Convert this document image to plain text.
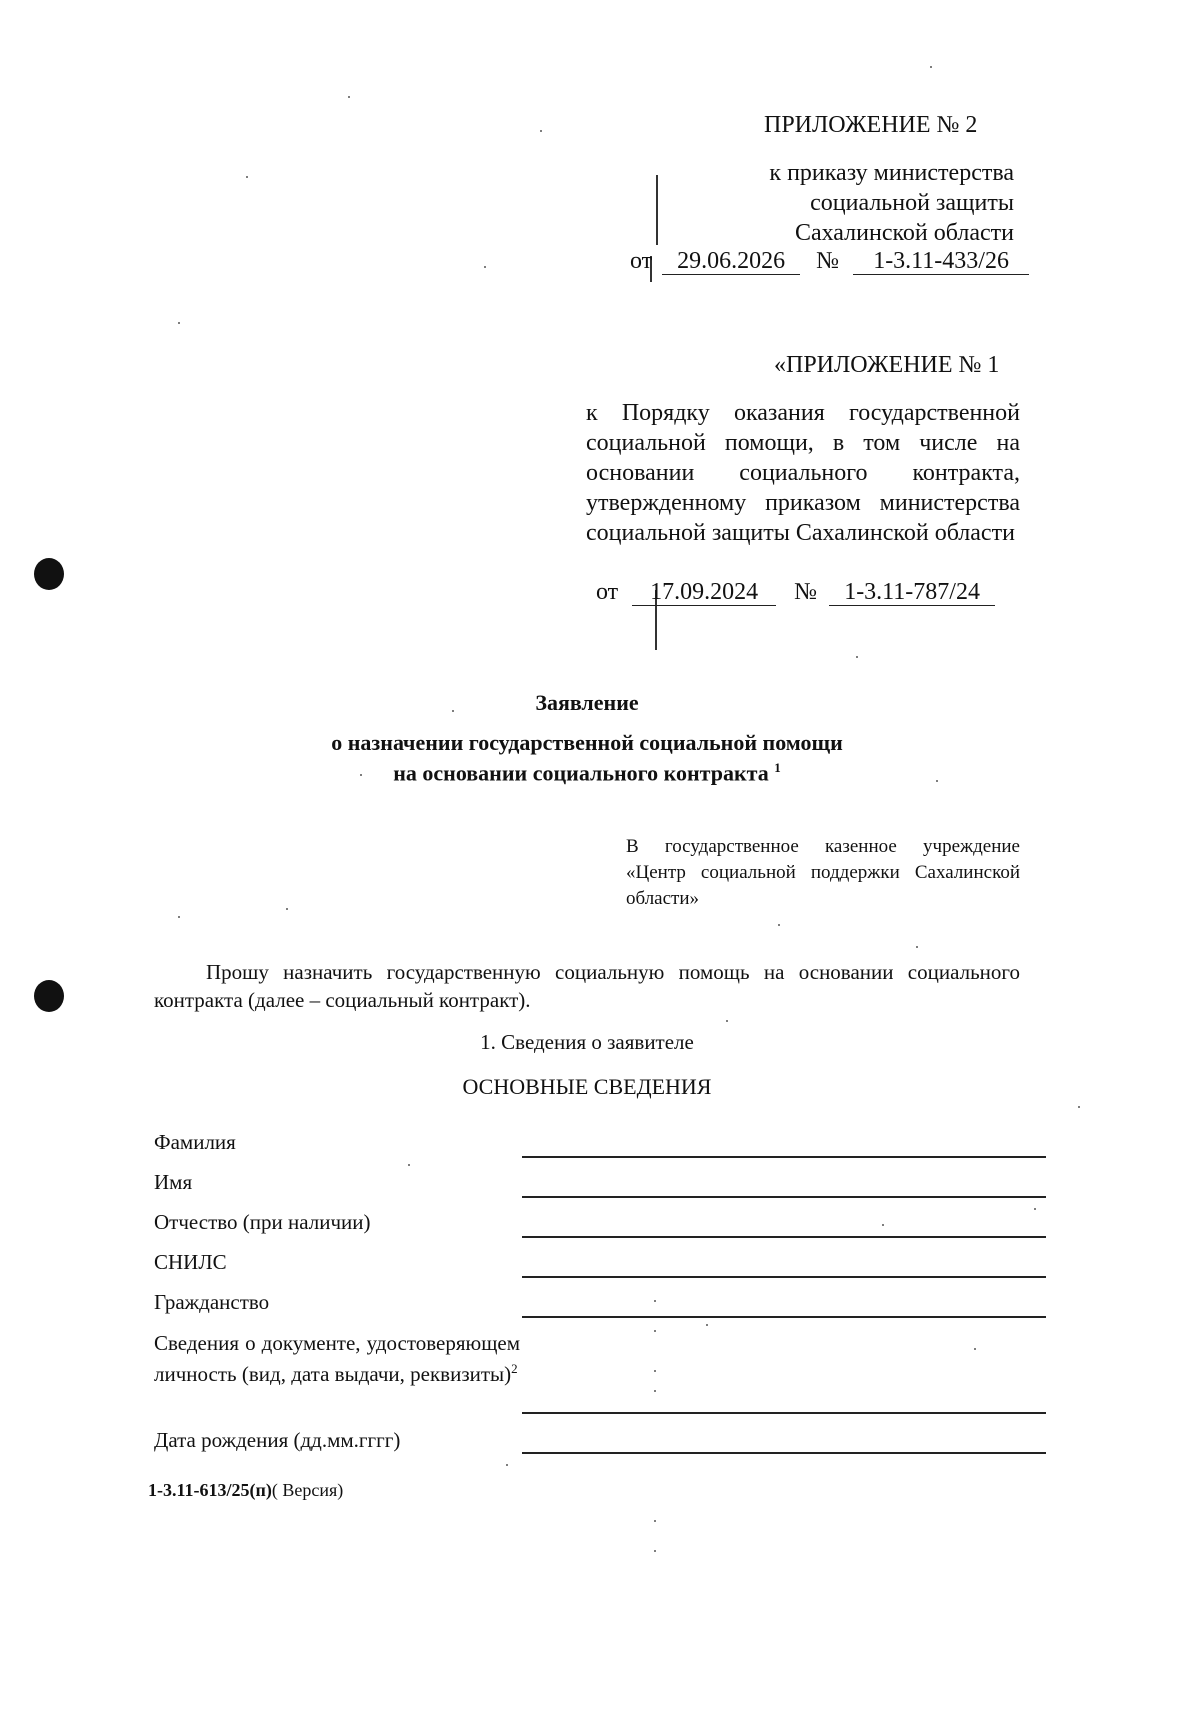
ПРИЛОЖЕНИЕ № 2
к приказу министерства
социальной защиты
Сахалинской области
от 29.06.2026 № 1-3.11-433/26
«ПРИЛОЖЕНИЕ № 1
к Порядку оказания государственной социальной помощи, в том числе на основании социального контракта, утвержденному приказом министерства социальной защиты Сахалинской области
от 17.09.2024 № 1-3.11-787/24
Заявление
о назначении государственной социальной помощи
на основании социального контракта $^1$
В государственное казенное учреждение «Центр социальной поддержки Сахалинской области»
Прошу назначить государственную социальную помощь на основании социального контракта (далее – социальный контракт).
1. Сведения о заявителе
ОСНОВНЫЕ СВЕДЕНИЯ
Фамилия
Имя
Отчество (при наличии)
СНИЛС
Гражданство
Сведения о документе, удостоверяющем личность (вид, дата выдачи, реквизиты)$^2$
Дата рождения (дд.мм.гггг)
1-3.11-613/25(п)( Версия)
